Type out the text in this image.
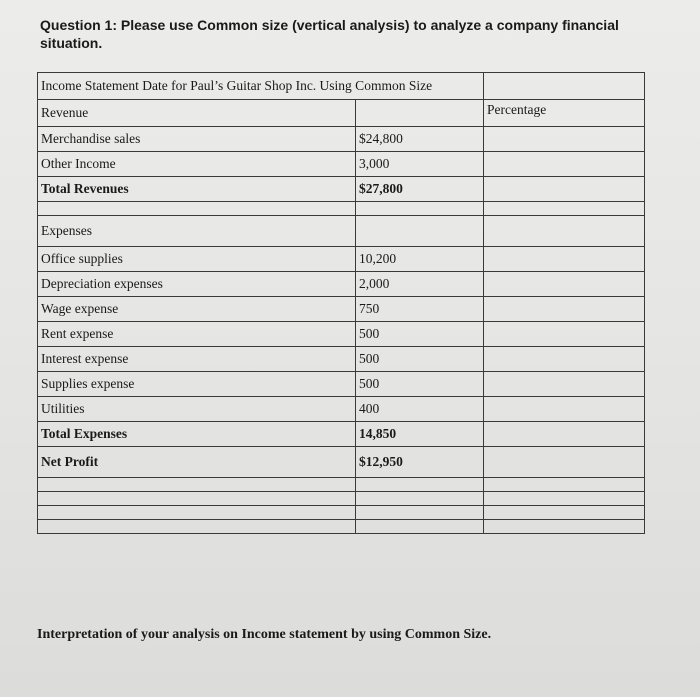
Question 1: Please use Common size (vertical analysis) to analyze a company financial situation.
Income Statement Date for Paul’s Guitar Shop Inc. Using Common Size		
Revenue		Percentage
Merchandise sales	$24,800	
Other Income	3,000	
Total Revenues	$27,800	

Expenses		
Office supplies	10,200	
Depreciation expenses	2,000	
Wage expense	750	
Rent expense	500	
Interest expense	500	
Supplies expense	500	
Utilities	400	
Total Expenses	14,850	
Net Profit	$12,950	

Interpretation of your analysis on Income statement by using Common Size.
